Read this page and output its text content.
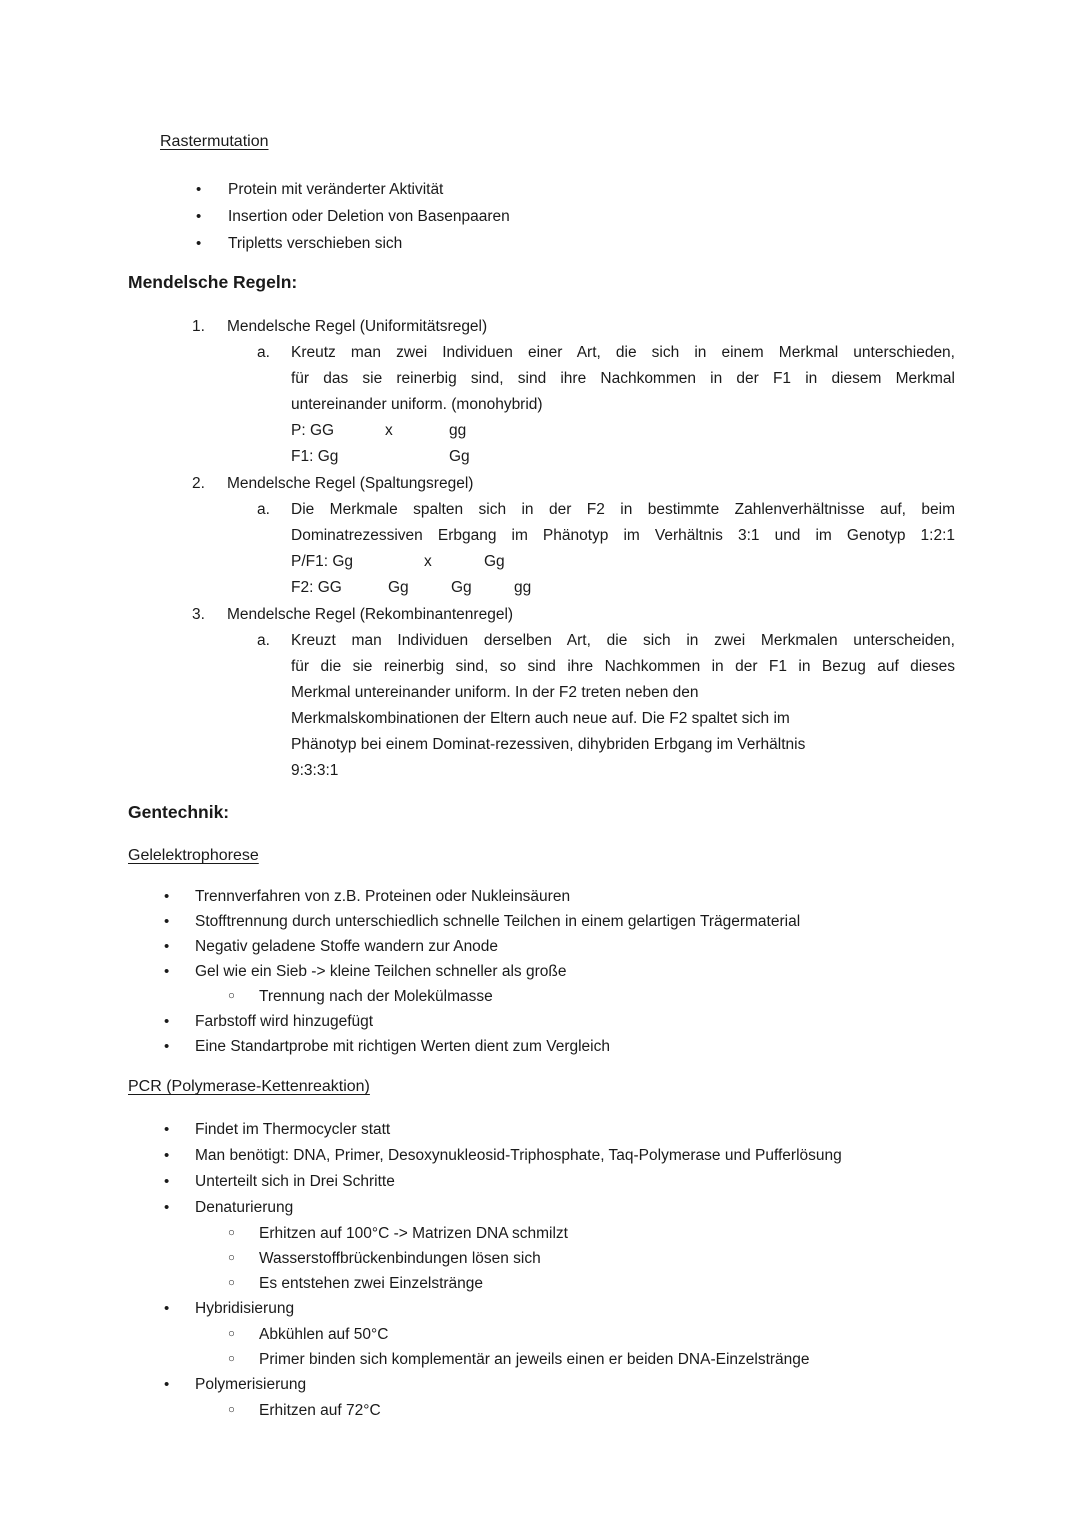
Rastermutation
•	Protein mit veränderter Aktivität
•	Insertion oder Deletion von Basenpaaren
•	Tripletts verschieben sich
Mendelsche Regeln:
1.	Mendelsche Regel (Uniformitätsregel)
a.	Kreutz man zwei Individuen einer Art, die sich in einem Merkmal unterschieden,
für das sie reinerbig sind, sind ihre Nachkommen in der F1 in diesem Merkmal
untereinander uniform. (monohybrid)
P: GG	x	gg
F1: Gg	Gg
2.	Mendelsche Regel (Spaltungsregel)
a.	Die Merkmale spalten sich in der F2 in bestimmte Zahlenverhältnisse auf, beim
Dominatrezessiven Erbgang im Phänotyp im Verhältnis 3:1 und im Genotyp 1:2:1
P/F1: Gg	x	Gg
F2: GG	Gg	Gg	gg
3.	Mendelsche Regel (Rekombinantenregel)
a.	Kreuzt man Individuen derselben Art, die sich in zwei Merkmalen unterscheiden,
für die sie reinerbig sind, so sind ihre Nachkommen in der F1 in Bezug auf dieses
Merkmal untereinander uniform. In der F2 treten neben den
Merkmalskombinationen der Eltern auch neue auf. Die F2 spaltet sich im
Phänotyp bei einem Dominat-rezessiven, dihybriden Erbgang im Verhältnis
9:3:3:1
Gentechnik:
Gelelektrophorese
•	Trennverfahren von z.B. Proteinen oder Nukleinsäuren
•	Stofftrennung durch unterschiedlich schnelle Teilchen in einem gelartigen Trägermaterial
•	Negativ geladene Stoffe wandern zur Anode
•	Gel wie ein Sieb -> kleine Teilchen schneller als große
○	Trennung nach der Molekülmasse
•	Farbstoff wird hinzugefügt
•	Eine Standartprobe mit richtigen Werten dient zum Vergleich
PCR (Polymerase-Kettenreaktion)
•	Findet im Thermocycler statt
•	Man benötigt: DNA, Primer, Desoxynukleosid-Triphosphate, Taq-Polymerase und Pufferlösung
•	Unterteilt sich in Drei Schritte
•	Denaturierung
○	Erhitzen auf 100°C -> Matrizen DNA schmilzt
○	Wasserstoffbrückenbindungen lösen sich
○	Es entstehen zwei Einzelstränge
•	Hybridisierung
○	Abkühlen auf 50°C
○	Primer binden sich komplementär an jeweils einen er beiden DNA-Einzelstränge
•	Polymerisierung
○	Erhitzen auf 72°C
